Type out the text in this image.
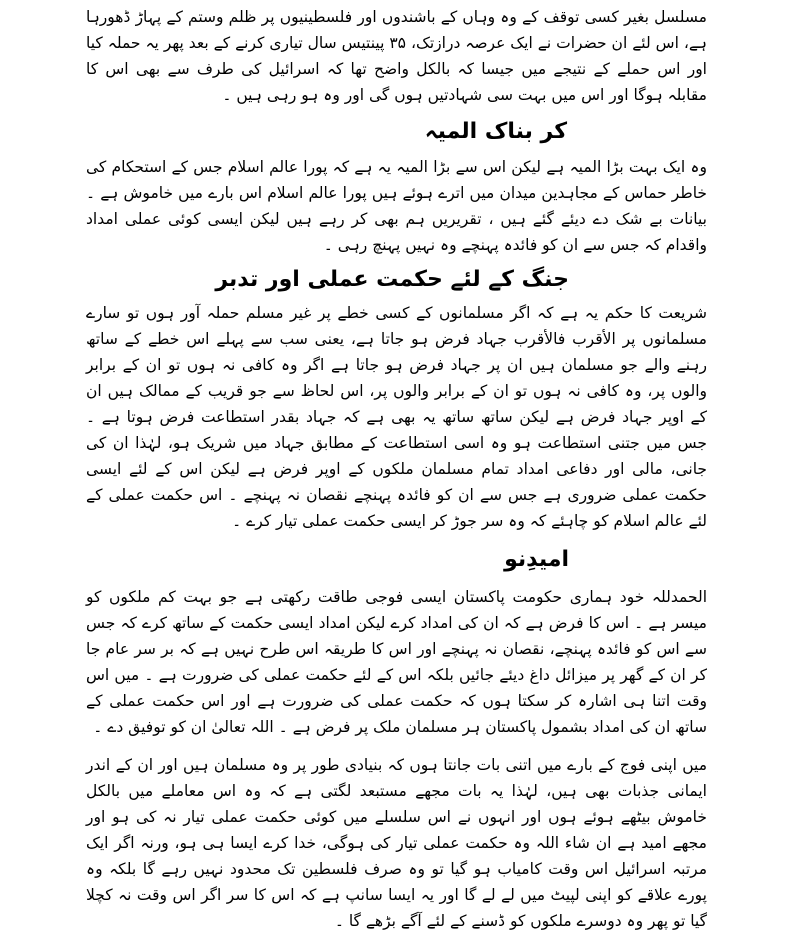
مسلسل بغیر کسی توقف کے وہ وہاں کے باشندوں اور فلسطینیوں پر ظلم وستم کے پہاڑ ڈھورہا ہے، اس لئے ان حضرات نے ایک عرصہ درازتک، ۳۵ پینتیس سال تیاری کرنے کے بعد پھر یہ حملہ کیا اور اس حملے کے نتیجے میں جیسا کہ بالکل واضح تھا کہ اسرائیل کی طرف سے بھی اس کا مقابلہ ہوگا اور اس میں بہت سی شہادتیں ہوں گی اور وہ ہو رہی ہیں ۔

کر بناک المیہ

وہ ایک بہت بڑا المیہ ہے لیکن اس سے بڑا المیہ یہ ہے کہ پورا عالم اسلام جس کے استحکام کی خاطر حماس کے مجاہدین میدان میں اترے ہوئے ہیں پورا عالم اسلام اس بارے میں خاموش ہے ۔ بیانات بے شک دے دیئے گئے ہیں ، تقریریں ہم بھی کر رہے ہیں لیکن ایسی کوئی عملی امداد واقدام کہ جس سے ان کو فائدہ پہنچے وہ نہیں پہنچ رہی ۔

جنگ کے لئے حکمت عملی اور تدبر

شریعت کا حکم یہ ہے کہ اگر مسلمانوں کے کسی خطے پر غیر مسلم حملہ آور ہوں تو سارے مسلمانوں پر الأقرب فالأقرب جہاد فرض ہو جاتا ہے، یعنی سب سے پہلے اس خطے کے ساتھ رہنے والے جو مسلمان ہیں ان پر جہاد فرض ہو جاتا ہے اگر وہ کافی نہ ہوں تو ان کے برابر والوں پر، وہ کافی نہ ہوں تو ان کے برابر والوں پر، اس لحاظ سے جو قریب کے ممالک ہیں ان کے اوپر جہاد فرض ہے لیکن ساتھ ساتھ یہ بھی ہے کہ جہاد بقدر استطاعت فرض ہوتا ہے ۔ جس میں جتنی استطاعت ہو وہ اسی استطاعت کے مطابق جہاد میں شریک ہو، لہٰذا ان کی جانی، مالی اور دفاعی امداد تمام مسلمان ملکوں کے اوپر فرض ہے لیکن اس کے لئے ایسی حکمت عملی ضروری ہے جس سے ان کو فائدہ پہنچے نقصان نہ پہنچے ۔ اس حکمت عملی کے لئے عالم اسلام کو چاہئے کہ وہ سر جوڑ کر ایسی حکمت عملی تیار کرے ۔

امیدِنو

الحمدللہ خود ہماری حکومت پاکستان ایسی فوجی طاقت رکھتی ہے جو بہت کم ملکوں کو میسر ہے ۔ اس کا فرض ہے کہ ان کی امداد کرے لیکن امداد ایسی حکمت کے ساتھ کرے کہ جس سے اس کو فائدہ پہنچے، نقصان نہ پہنچے اور اس کا طریقہ اس طرح نہیں ہے کہ بر سر عام جا کر ان کے گھر پر میزائل داغ دیئے جائیں بلکہ اس کے لئے حکمت عملی کی ضرورت ہے ۔ میں اس وقت اتنا ہی اشارہ کر سکتا ہوں کہ حکمت عملی کی ضرورت ہے اور اس حکمت عملی کے ساتھ ان کی امداد بشمول پاکستان ہر مسلمان ملک پر فرض ہے ۔ اللہ تعالیٰ ان کو توفیق دے ۔

میں اپنی فوج کے بارے میں اتنی بات جانتا ہوں کہ بنیادی طور پر وہ مسلمان ہیں اور ان کے اندر ایمانی جذبات بھی ہیں، لہٰذا یہ بات مجھے مستبعد لگتی ہے کہ وہ اس معاملے میں بالکل خاموش بیٹھے ہوئے ہوں اور انہوں نے اس سلسلے میں کوئی حکمت عملی تیار نہ کی ہو اور مجھے امید ہے ان شاء اللہ وہ حکمت عملی تیار کی ہوگی، خدا کرے ایسا ہی ہو، ورنہ اگر ایک مرتبہ اسرائیل اس وقت کامیاب ہو گیا تو وہ صرف فلسطین تک محدود نہیں رہے گا بلکہ وہ پورے علاقے کو اپنی لپیٹ میں لے لے گا اور یہ ایسا سانپ ہے کہ اس کا سر اگر اس وقت نہ کچلا گیا تو پھر وہ دوسرے ملکوں کو ڈسنے کے لئے آگے بڑھے گا ۔
